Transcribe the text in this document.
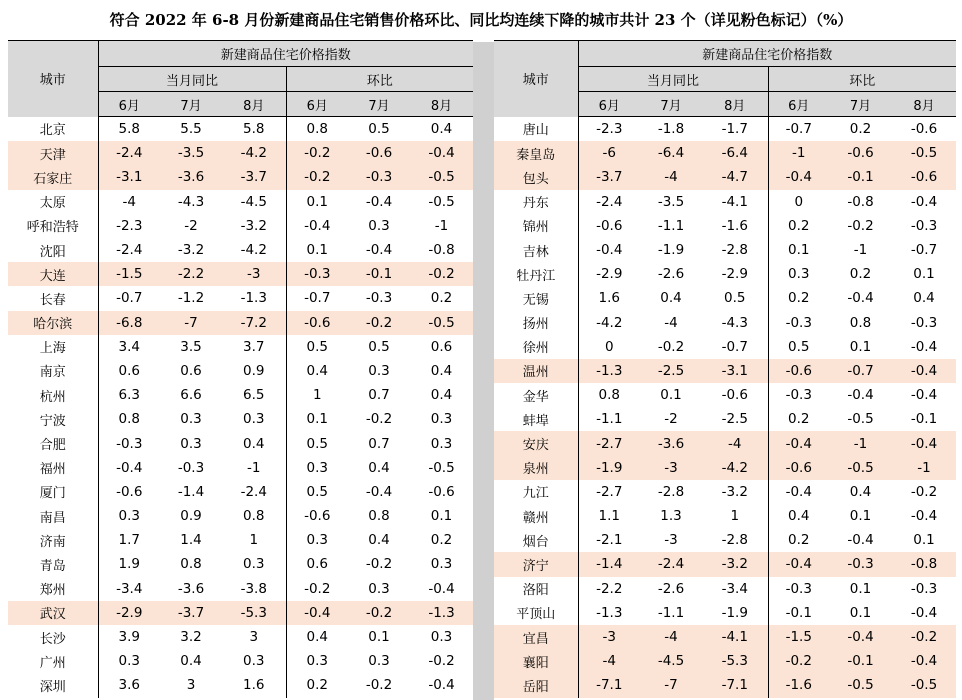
符合 2022 年 6-8 月份新建商品住宅销售价格环比、同比均连续下降的城市共计 23 个（详见粉色标记）（%）
城市	新建商品住宅价格指数					
	当月同比			环比		
	6月	7月	8月	6月	7月	8月
北京	5.8	5.5	5.8	0.8	0.5	0.4
天津	-2.4	-3.5	-4.2	-0.2	-0.6	-0.4
石家庄	-3.1	-3.6	-3.7	-0.2	-0.3	-0.5
太原	-4	-4.3	-4.5	0.1	-0.4	-0.5
呼和浩特	-2.3	-2	-3.2	-0.4	0.3	-1
沈阳	-2.4	-3.2	-4.2	0.1	-0.4	-0.8
大连	-1.5	-2.2	-3	-0.3	-0.1	-0.2
长春	-0.7	-1.2	-1.3	-0.7	-0.3	0.2
哈尔滨	-6.8	-7	-7.2	-0.6	-0.2	-0.5
上海	3.4	3.5	3.7	0.5	0.5	0.6
南京	0.6	0.6	0.9	0.4	0.3	0.4
杭州	6.3	6.6	6.5	1	0.7	0.4
宁波	0.8	0.3	0.3	0.1	-0.2	0.3
合肥	-0.3	0.3	0.4	0.5	0.7	0.3
福州	-0.4	-0.3	-1	0.3	0.4	-0.5
厦门	-0.6	-1.4	-2.4	0.5	-0.4	-0.6
南昌	0.3	0.9	0.8	-0.6	0.8	0.1
济南	1.7	1.4	1	0.3	0.4	0.2
青岛	1.9	0.8	0.3	0.6	-0.2	0.3
郑州	-3.4	-3.6	-3.8	-0.2	0.3	-0.4
武汉	-2.9	-3.7	-5.3	-0.4	-0.2	-1.3
长沙	3.9	3.2	3	0.4	0.1	0.3
广州	0.3	0.4	0.3	0.3	0.3	-0.2
深圳	3.6	3	1.6	0.2	-0.2	-0.4
城市	新建商品住宅价格指数					
	当月同比			环比		
	6月	7月	8月	6月	7月	8月
唐山	-2.3	-1.8	-1.7	-0.7	0.2	-0.6
秦皇岛	-6	-6.4	-6.4	-1	-0.6	-0.5
包头	-3.7	-4	-4.7	-0.4	-0.1	-0.6
丹东	-2.4	-3.5	-4.1	0	-0.8	-0.4
锦州	-0.6	-1.1	-1.6	0.2	-0.2	-0.3
吉林	-0.4	-1.9	-2.8	0.1	-1	-0.7
牡丹江	-2.9	-2.6	-2.9	0.3	0.2	0.1
无锡	1.6	0.4	0.5	0.2	-0.4	0.4
扬州	-4.2	-4	-4.3	-0.3	0.8	-0.3
徐州	0	-0.2	-0.7	0.5	0.1	-0.4
温州	-1.3	-2.5	-3.1	-0.6	-0.7	-0.4
金华	0.8	0.1	-0.6	-0.3	-0.4	-0.4
蚌埠	-1.1	-2	-2.5	0.2	-0.5	-0.1
安庆	-2.7	-3.6	-4	-0.4	-1	-0.4
泉州	-1.9	-3	-4.2	-0.6	-0.5	-1
九江	-2.7	-2.8	-3.2	-0.4	0.4	-0.2
赣州	1.1	1.3	1	0.4	0.1	-0.4
烟台	-2.1	-3	-2.8	0.2	-0.4	0.1
济宁	-1.4	-2.4	-3.2	-0.4	-0.3	-0.8
洛阳	-2.2	-2.6	-3.4	-0.3	0.1	-0.3
平顶山	-1.3	-1.1	-1.9	-0.1	0.1	-0.4
宜昌	-3	-4	-4.1	-1.5	-0.4	-0.2
襄阳	-4	-4.5	-5.3	-0.2	-0.1	-0.4
岳阳	-7.1	-7	-7.1	-1.6	-0.5	-0.5
